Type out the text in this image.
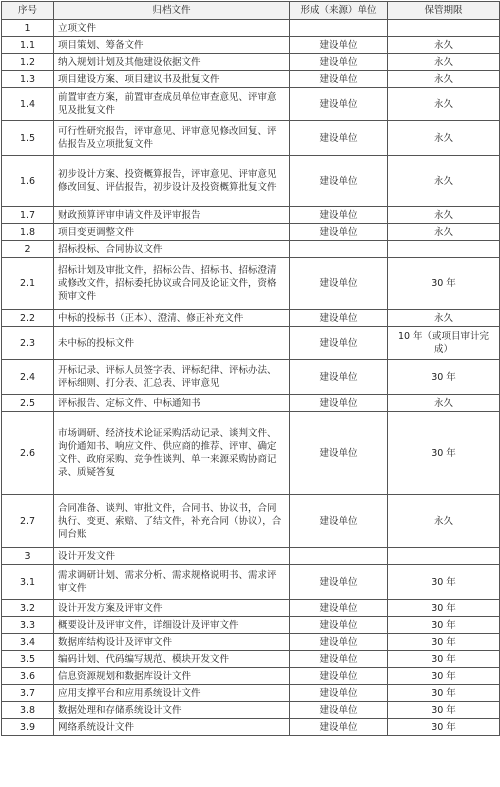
序号	归档文件	形成（来源）单位	保管期限
1	立项文件		
1.1	项目策划、筹备文件	建设单位	永久
1.2	纳入规划计划及其他建设依据文件	建设单位	永久
1.3	项目建设方案、项目建议书及批复文件	建设单位	永久
1.4	前置审查方案，前置审查成员单位审查意见、评审意见及批复文件	建设单位	永久
1.5	可行性研究报告，评审意见、评审意见修改回复、评估报告及立项批复文件	建设单位	永久
1.6	初步设计方案、投资概算报告，评审意见、评审意见修改回复、评估报告，初步设计及投资概算批复文件	建设单位	永久
1.7	财政预算评审申请文件及评审报告	建设单位	永久
1.8	项目变更调整文件	建设单位	永久
2	招标投标、合同协议文件		
2.1	招标计划及审批文件，招标公告、招标书、招标澄清或修改文件，招标委托协议或合同及论证文件，资格预审文件	建设单位	30 年
2.2	中标的投标书（正本）、澄清、修正补充文件	建设单位	永久
2.3	未中标的投标文件	建设单位	10 年（或项目审计完成）
2.4	开标记录、评标人员签字表、评标纪律、评标办法、评标细则、打分表、汇总表、评审意见	建设单位	30 年
2.5	评标报告、定标文件、中标通知书	建设单位	永久
2.6	市场调研、经济技术论证采购活动记录、谈判文件、询价通知书、响应文件、供应商的推荐、评审、确定文件、政府采购、竞争性谈判、单一来源采购协商记录、质疑答复	建设单位	30 年
2.7	合同准备、谈判、审批文件，合同书、协议书，合同执行、变更、索赔、了结文件，补充合同（协议），合同台账	建设单位	永久
3	设计开发文件		
3.1	需求调研计划、需求分析、需求规格说明书、需求评审文件	建设单位	30 年
3.2	设计开发方案及评审文件	建设单位	30 年
3.3	概要设计及评审文件，详细设计及评审文件	建设单位	30 年
3.4	数据库结构设计及评审文件	建设单位	30 年
3.5	编码计划、代码编写规范、模块开发文件	建设单位	30 年
3.6	信息资源规划和数据库设计文件	建设单位	30 年
3.7	应用支撑平台和应用系统设计文件	建设单位	30 年
3.8	数据处理和存储系统设计文件	建设单位	30 年
3.9	网络系统设计文件	建设单位	30 年
